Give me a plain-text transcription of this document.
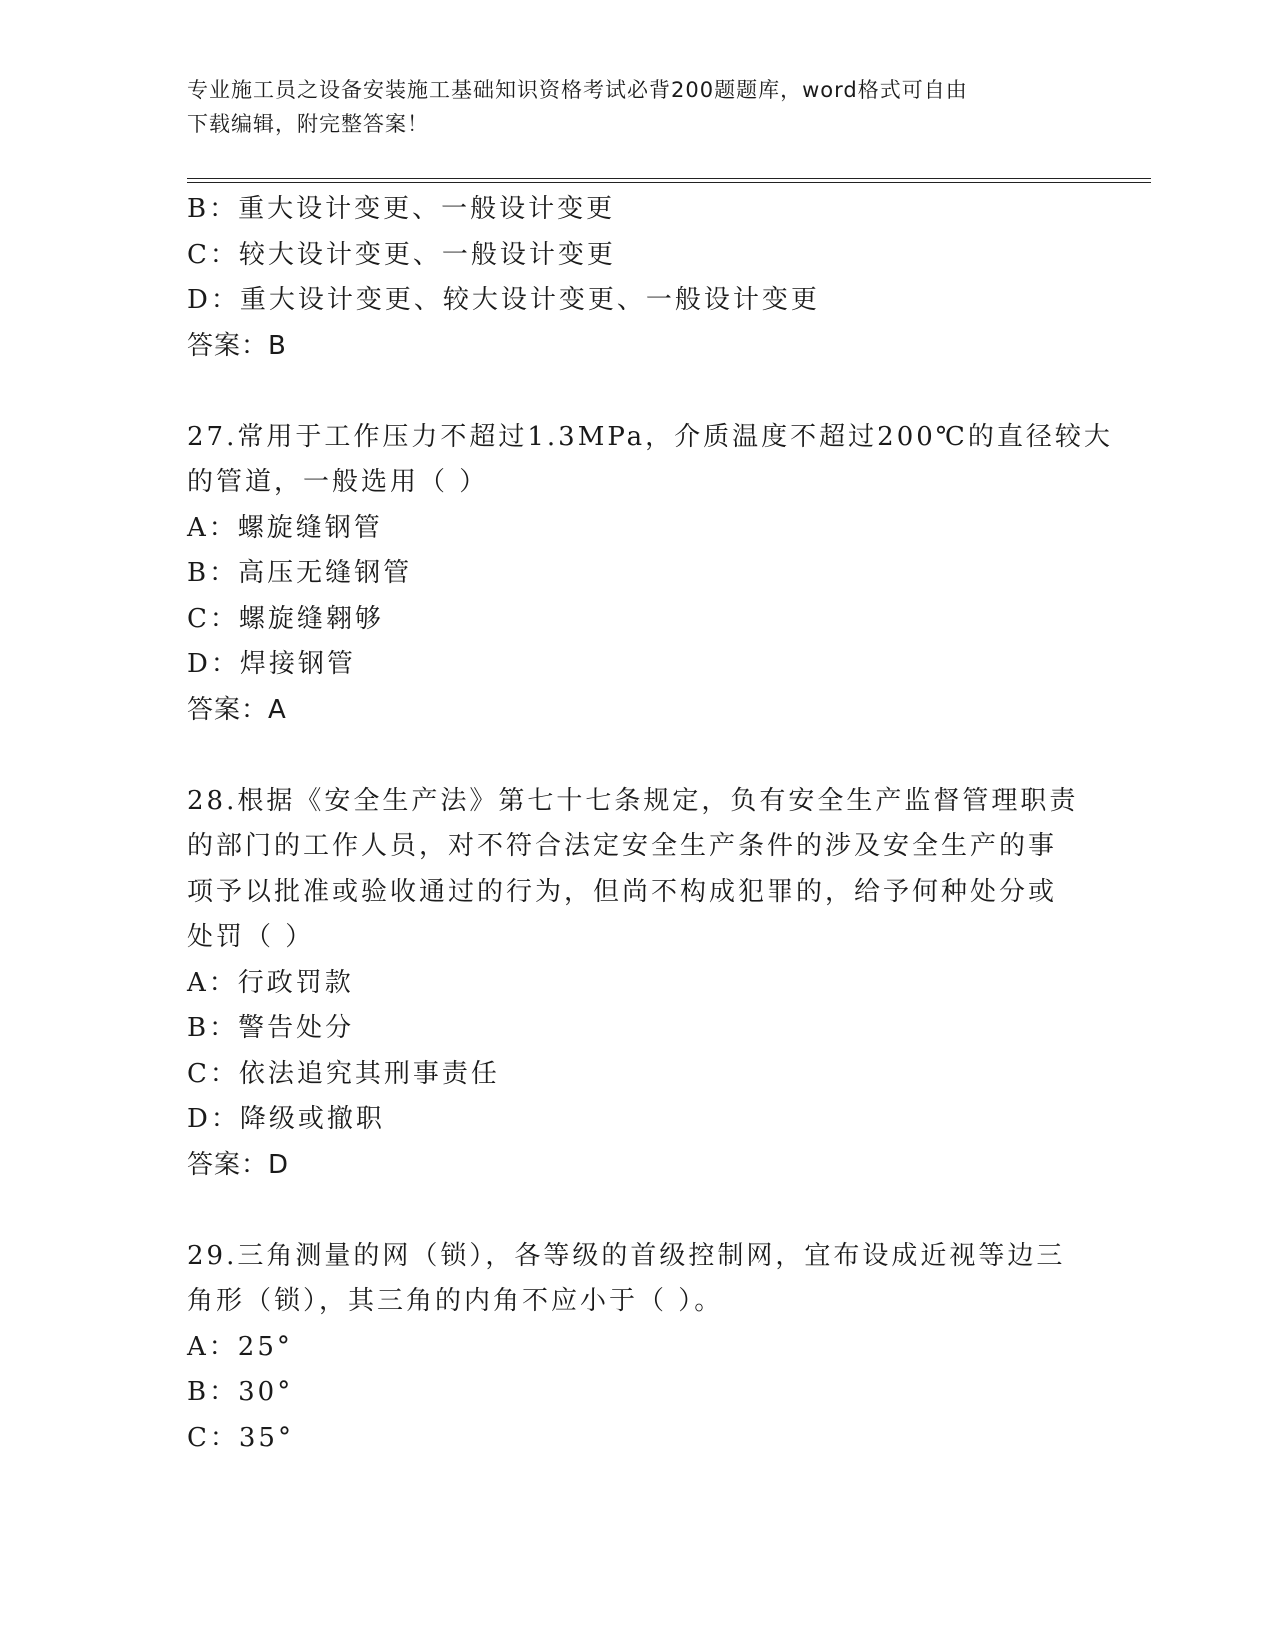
专业施工员之设备安装施工基础知识资格考试必背200题题库，word格式可自由
下载编辑，附完整答案！

B：重大设计变更、一般设计变更

C：较大设计变更、一般设计变更

D：重大设计变更、较大设计变更、一般设计变更

答案：B

27.常用于工作压力不超过1.3MPa，介质温度不超过200℃的直径较大

的管道，一般选用（ ）

A：螺旋缝钢管

B：高压无缝钢管

C：螺旋缝翱够

D：焊接钢管

答案：A

28.根据《安全生产法》第七十七条规定，负有安全生产监督管理职责

的部门的工作人员，对不符合法定安全生产条件的涉及安全生产的事

项予以批准或验收通过的行为，但尚不构成犯罪的，给予何种处分或

处罚（ ）

A：行政罚款

B：警告处分

C：依法追究其刑事责任

D：降级或撤职

答案：D

29.三角测量的网（锁），各等级的首级控制网，宜布设成近视等边三

角形（锁），其三角的内角不应小于（ ）。

A：25°

B：30°

C：35°
